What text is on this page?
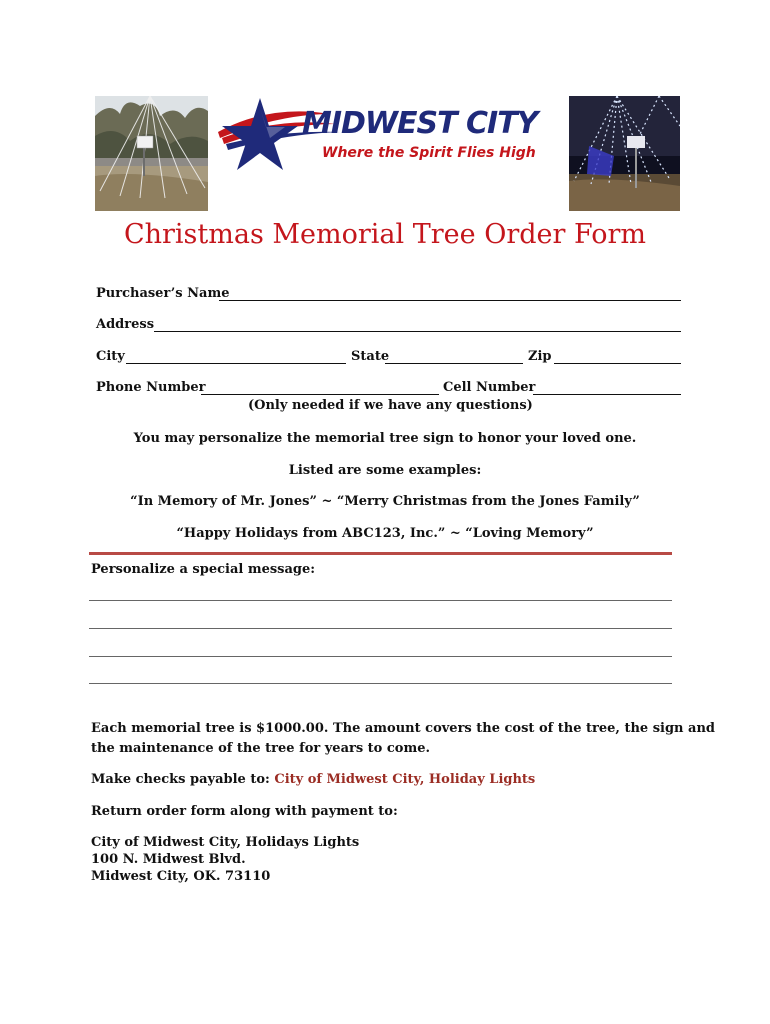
MIDWEST CITY
Where the Spirit Flies High
Christmas Memorial Tree Order Form
Purchaser’s Name
Address
City	State	Zip
Phone Number	Cell Number
(Only needed if we have any questions)
You may personalize the memorial tree sign to honor your loved one.
Listed are some examples:
“In Memory of Mr. Jones” ~ “Merry Christmas from the Jones Family”
“Happy Holidays from ABC123, Inc.” ~ “Loving Memory”
Personalize a special message:
Each memorial tree is $1000.00. The amount covers the cost of the tree, the sign and
the maintenance of the tree for years to come.
Make checks payable to: City of Midwest City, Holiday Lights
Return order form along with payment to:
City of Midwest City, Holidays Lights
100 N. Midwest Blvd.
Midwest City, OK. 73110
